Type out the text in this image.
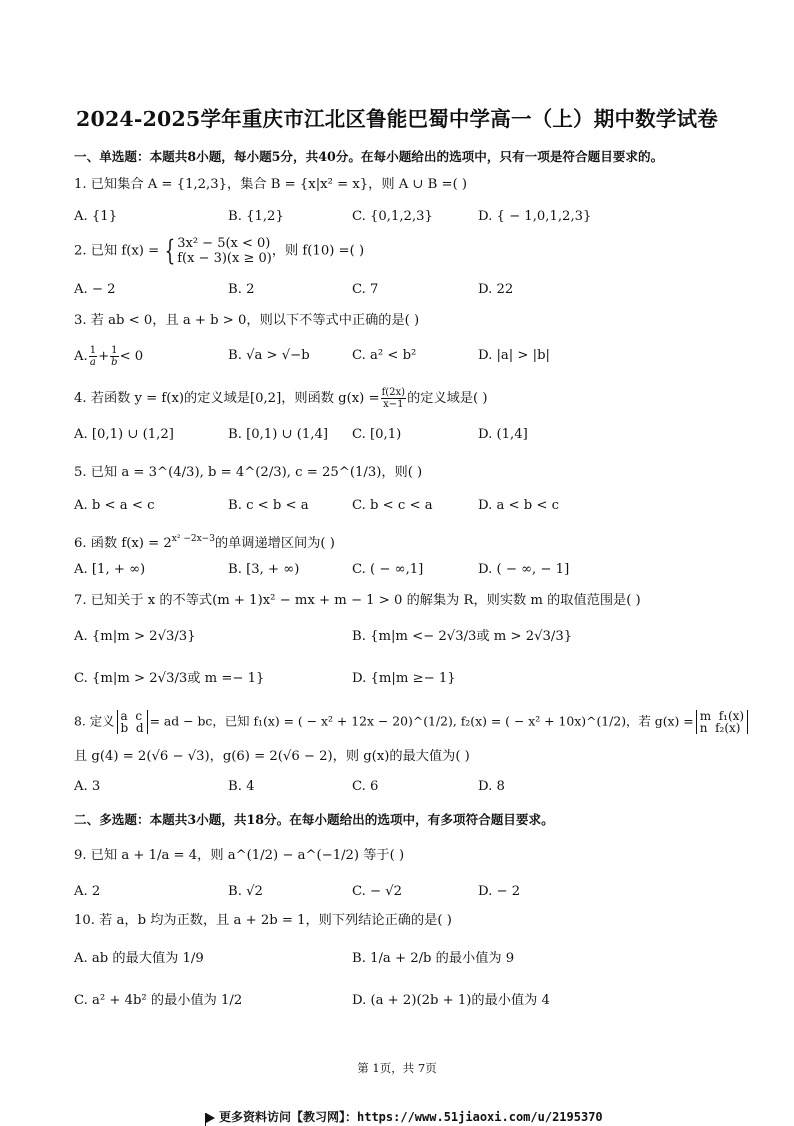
2024-2025学年重庆市江北区鲁能巴蜀中学高一（上）期中数学试卷
一、单选题：本题共8小题，每小题5分，共40分。在每小题给出的选项中，只有一项是符合题目要求的。
1. 已知集合 A = {1,2,3}，集合 B = {x|x² = x}，则 A ∪ B =( )
A. {1}	B. {1,2}	C. {0,1,2,3}	D. { − 1,0,1,2,3}
2. 已知 f(x) = { 3x² − 5(x < 0)
f(x − 3)(x ≥ 0) ，则 f(10) =( )
A. − 2	B. 2	C. 7	D. 22
3. 若 ab < 0，且 a + b > 0，则以下不等式中正确的是( )
A. $\frac{1}{a} + \frac{1}{b} < 0$	B. √a > √−b	C. a² < b²	D. |a| > |b|
4. 若函数 y = f(x)的定义域是[0,2]，则函数 $g(x) = \frac{f(2x)}{x-1}$ 的定义域是( )
A. [0,1) ∪ (1,2]	B. [0,1) ∪ (1,4] C. [0,1)	D. (1,4]
5. 已知 a = 3^(4/3), b = 4^(2/3), c = 25^(1/3)，则( )
A. b < a < c	B. c < b < a	C. b < c < a	D. a < b < c
6. 函数 $f(x) = 2^{x^2 -2x-3}$的单调递增区间为( )
A. [1, + ∞)	B. [3, + ∞)	C. ( − ∞,1]	D. ( − ∞, − 1]
7. 已知关于 x 的不等式(m + 1)x² − mx + m − 1 > 0 的解集为 R，则实数 m 的取值范围是( )
A. {m|m > 2√3/3}	B. {m|m <− 2√3/3或 m > 2√3/3}
C. {m|m > 2√3/3或 m =− 1}	D. {m|m ≥− 1}
8. 定义 a c
b d = ad − bc，已知 f₁(x) = ( − x² + 12x − 20)^(1/2), f₂(x) = ( − x² + 10x)^(1/2)，若 g(x) = m f₁(x)
n f₂(x)
且 g(4) = 2(√6 − √3)，g(6) = 2(√6 − 2)，则 g(x)的最大值为( )
A. 3	B. 4	C. 6	D. 8
二、多选题：本题共3小题，共18分。在每小题给出的选项中，有多项符合题目要求。
9. 已知 a + 1/a = 4，则 a^(1/2) − a^(−1/2) 等于( )
A. 2	B. √2	C. − √2	D. − 2
10. 若 a，b 均为正数，且 a + 2b = 1，则下列结论正确的是( )
A. ab 的最大值为 1/9	B. 1/a + 2/b 的最小值为 9
C. a² + 4b² 的最小值为 1/2	D. (a + 2)(2b + 1)的最小值为 4
第 1页，共 7页
更多资料访问【教习网】：https://www.51jiaoxi.com/u/2195370
